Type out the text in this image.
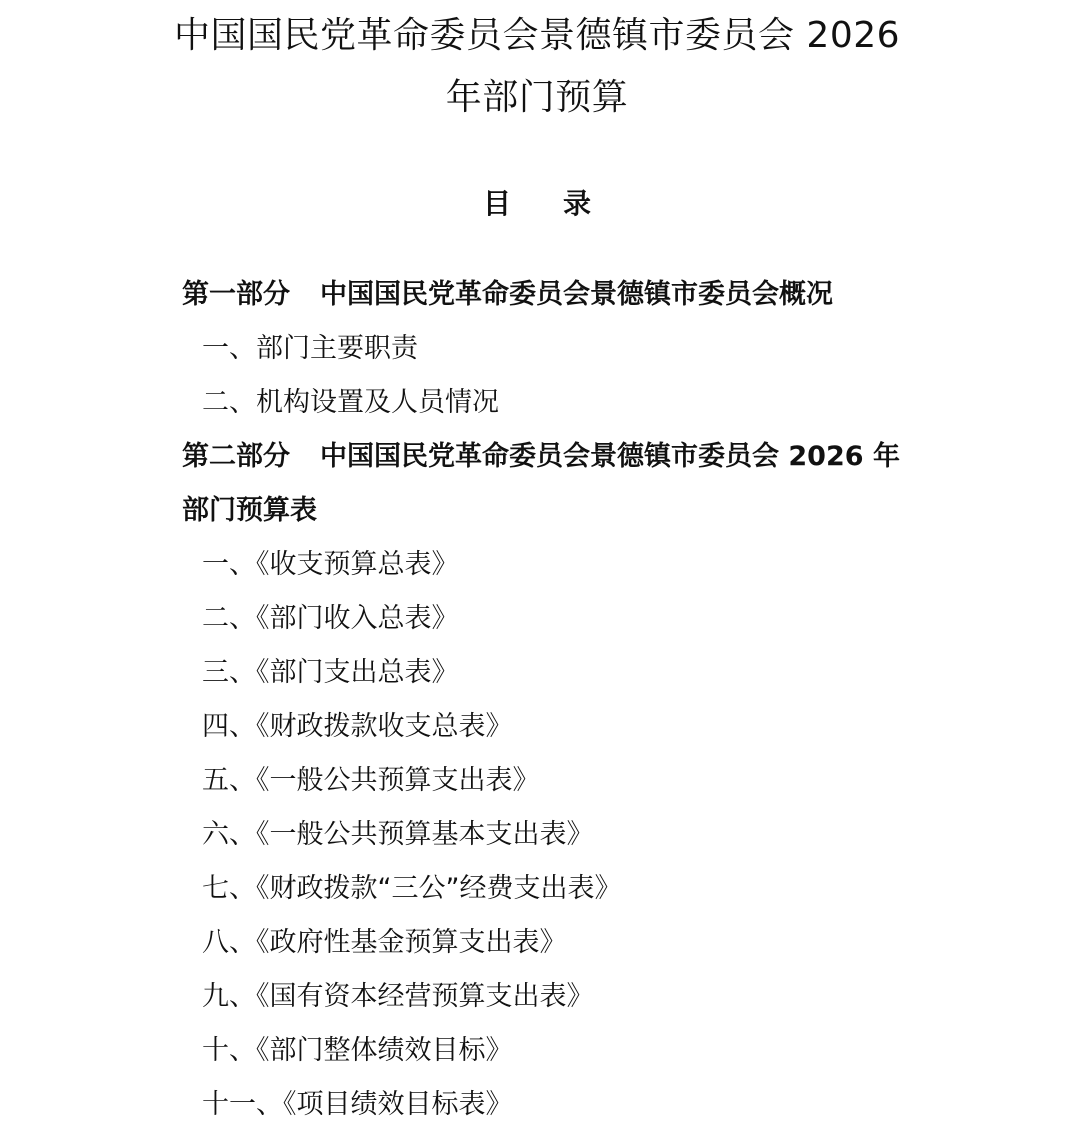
中国国民党革命委员会景德镇市委员会 2026
年部门预算
目 录
第一部分 中国国民党革命委员会景德镇市委员会概况
一、部门主要职责
二、机构设置及人员情况
第二部分 中国国民党革命委员会景德镇市委员会 2026 年
部门预算表
一、《收支预算总表》
二、《部门收入总表》
三、《部门支出总表》
四、《财政拨款收支总表》
五、《一般公共预算支出表》
六、《一般公共预算基本支出表》
七、《财政拨款“三公”经费支出表》
八、《政府性基金预算支出表》
九、《国有资本经营预算支出表》
十、《部门整体绩效目标》
十一、《项目绩效目标表》
